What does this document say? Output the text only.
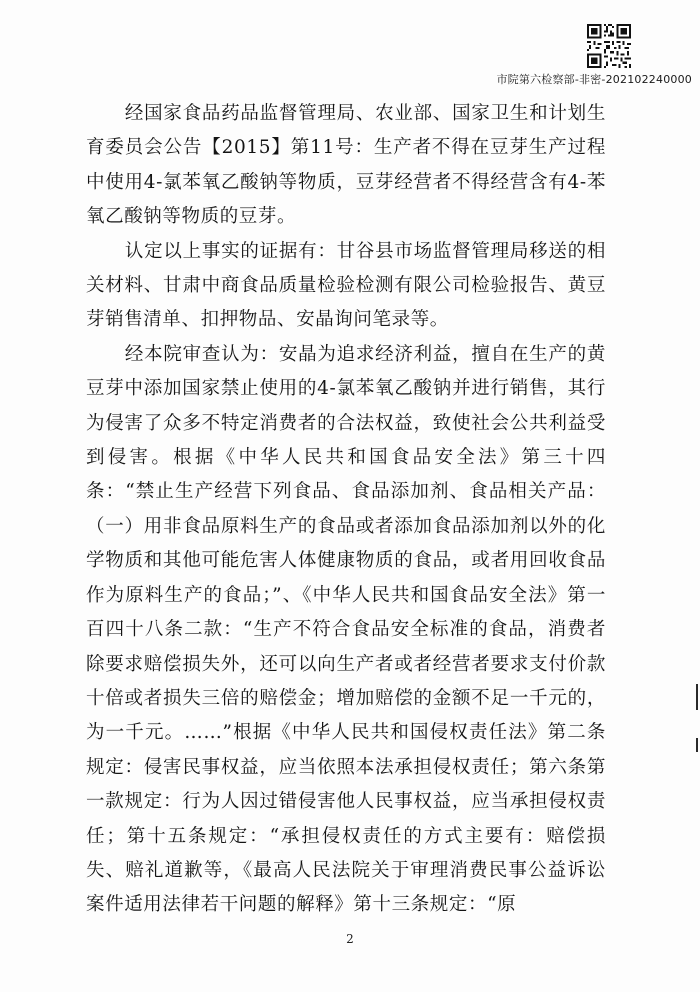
市院第六检察部-非密-202102240000

经国家食品药品监督管理局、农业部、国家卫生和计划生育委员会公告【2015】第11号：生产者不得在豆芽生产过程中使用4-氯苯氧乙酸钠等物质，豆芽经营者不得经营含有4-苯氧乙酸钠等物质的豆芽。

认定以上事实的证据有：甘谷县市场监督管理局移送的相关材料、甘肃中商食品质量检验检测有限公司检验报告、黄豆芽销售清单、扣押物品、安晶询问笔录等。

经本院审查认为：安晶为追求经济利益，擅自在生产的黄豆芽中添加国家禁止使用的4-氯苯氧乙酸钠并进行销售，其行为侵害了众多不特定消费者的合法权益，致使社会公共利益受到侵害。根据《中华人民共和国食品安全法》第三十四条：“禁止生产经营下列食品、食品添加剂、食品相关产品：（一）用非食品原料生产的食品或者添加食品添加剂以外的化学物质和其他可能危害人体健康物质的食品，或者用回收食品作为原料生产的食品；”、《中华人民共和国食品安全法》第一百四十八条二款：“生产不符合食品安全标准的食品，消费者除要求赔偿损失外，还可以向生产者或者经营者要求支付价款十倍或者损失三倍的赔偿金；增加赔偿的金额不足一千元的，为一千元。……”根据《中华人民共和国侵权责任法》第二条规定：侵害民事权益，应当依照本法承担侵权责任；第六条第一款规定：行为人因过错侵害他人民事权益，应当承担侵权责任；第十五条规定：“承担侵权责任的方式主要有：赔偿损失、赔礼道歉等，《最高人民法院关于审理消费民事公益诉讼案件适用法律若干问题的解释》第十三条规定：“原

2
